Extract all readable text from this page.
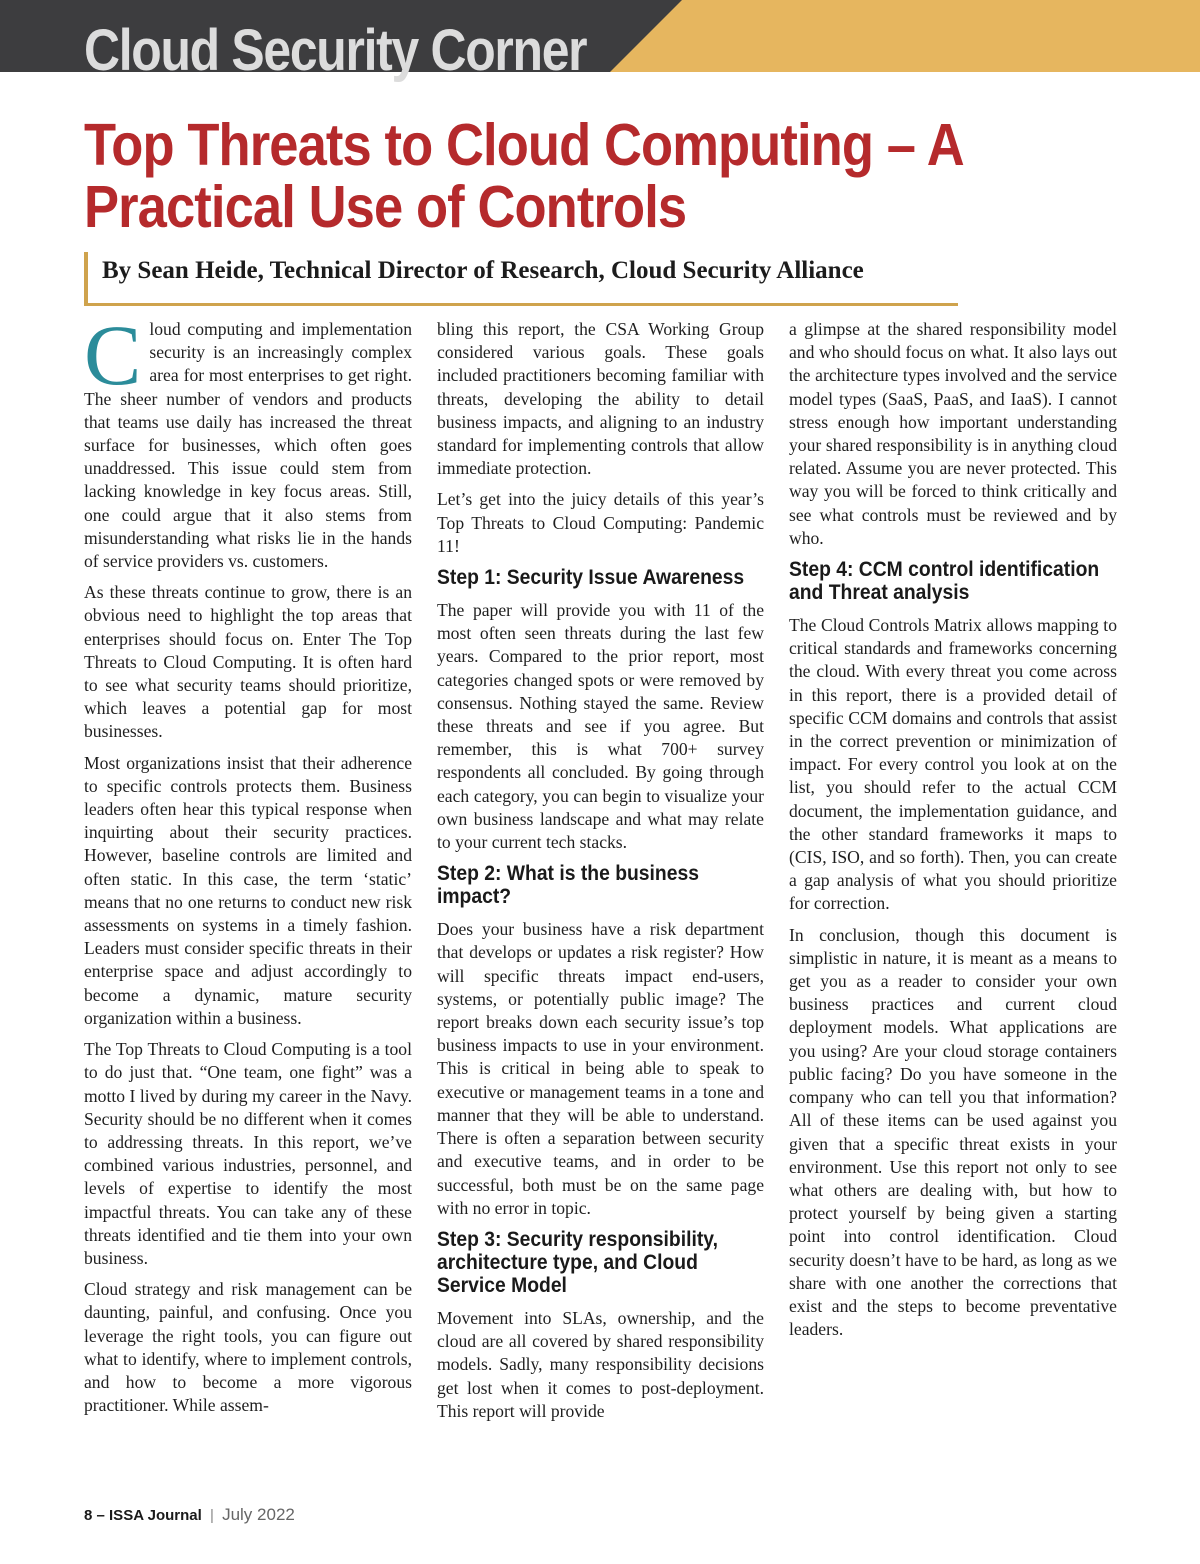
Cloud Security Corner
Top Threats to Cloud Computing – A Practical Use of Controls
By Sean Heide, Technical Director of Research, Cloud Security Alliance

Cloud computing and implementation security is an increasingly complex area for most enterprises to get right. The sheer number of vendors and products that teams use daily has increased the threat surface for businesses, which often goes unaddressed. This issue could stem from lacking knowledge in key focus areas. Still, one could argue that it also stems from misunderstanding what risks lie in the hands of service providers vs. customers.

As these threats continue to grow, there is an obvious need to highlight the top areas that enterprises should focus on. Enter The Top Threats to Cloud Computing. It is often hard to see what security teams should prioritize, which leaves a potential gap for most businesses.

Most organizations insist that their adherence to specific controls protects them. Business leaders often hear this typical response when inquirting about their security practices. However, baseline controls are limited and often static. In this case, the term ‘static’ means that no one returns to conduct new risk assessments on systems in a timely fashion. Leaders must consider specific threats in their enterprise space and adjust accordingly to become a dynamic, mature security organization within a business.

The Top Threats to Cloud Computing is a tool to do just that. “One team, one fight” was a motto I lived by during my career in the Navy. Security should be no different when it comes to addressing threats. In this report, we’ve combined various industries, personnel, and levels of expertise to identify the most impactful threats. You can take any of these threats identified and tie them into your own business.

Cloud strategy and risk management can be daunting, painful, and confusing. Once you leverage the right tools, you can figure out what to identify, where to implement controls, and how to become a more vigorous practitioner. While assem-

bling this report, the CSA Working Group considered various goals. These goals included practitioners becoming familiar with threats, developing the ability to detail business impacts, and aligning to an industry standard for implementing controls that allow immediate protection.

Let’s get into the juicy details of this year’s Top Threats to Cloud Computing: Pandemic 11!

Step 1: Security Issue Awareness

The paper will provide you with 11 of the most often seen threats during the last few years. Compared to the prior report, most categories changed spots or were removed by consensus. Nothing stayed the same. Review these threats and see if you agree. But remember, this is what 700+ survey respondents all concluded. By going through each category, you can begin to visualize your own business landscape and what may relate to your current tech stacks.

Step 2: What is the business impact?

Does your business have a risk department that develops or updates a risk register? How will specific threats impact end-users, systems, or potentially public image? The report breaks down each security issue’s top business impacts to use in your environment. This is critical in being able to speak to executive or management teams in a tone and manner that they will be able to understand. There is often a separation between security and executive teams, and in order to be successful, both must be on the same page with no error in topic.

Step 3: Security responsibility, architecture type, and Cloud Service Model

Movement into SLAs, ownership, and the cloud are all covered by shared responsibility models. Sadly, many responsibility decisions get lost when it comes to post-deployment. This report will provide

a glimpse at the shared responsibility model and who should focus on what. It also lays out the architecture types involved and the service model types (SaaS, PaaS, and IaaS). I cannot stress enough how important understanding your shared responsibility is in anything cloud related. Assume you are never protected. This way you will be forced to think critically and see what controls must be reviewed and by who.

Step 4: CCM control identification and Threat analysis

The Cloud Controls Matrix allows mapping to critical standards and frameworks concerning the cloud. With every threat you come across in this report, there is a provided detail of specific CCM domains and controls that assist in the correct prevention or minimization of impact. For every control you look at on the list, you should refer to the actual CCM document, the implementation guidance, and the other standard frameworks it maps to (CIS, ISO, and so forth). Then, you can create a gap analysis of what you should prioritize for correction.

In conclusion, though this document is simplistic in nature, it is meant as a means to get you as a reader to consider your own business practices and current cloud deployment models. What applications are you using? Are your cloud storage containers public facing? Do you have someone in the company who can tell you that information? All of these items can be used against you given that a specific threat exists in your environment. Use this report not only to see what others are dealing with, but how to protect yourself by being given a starting point into control identification. Cloud security doesn’t have to be hard, as long as we share with one another the corrections that exist and the steps to become preventative leaders.

8 – ISSA Journal | July 2022
